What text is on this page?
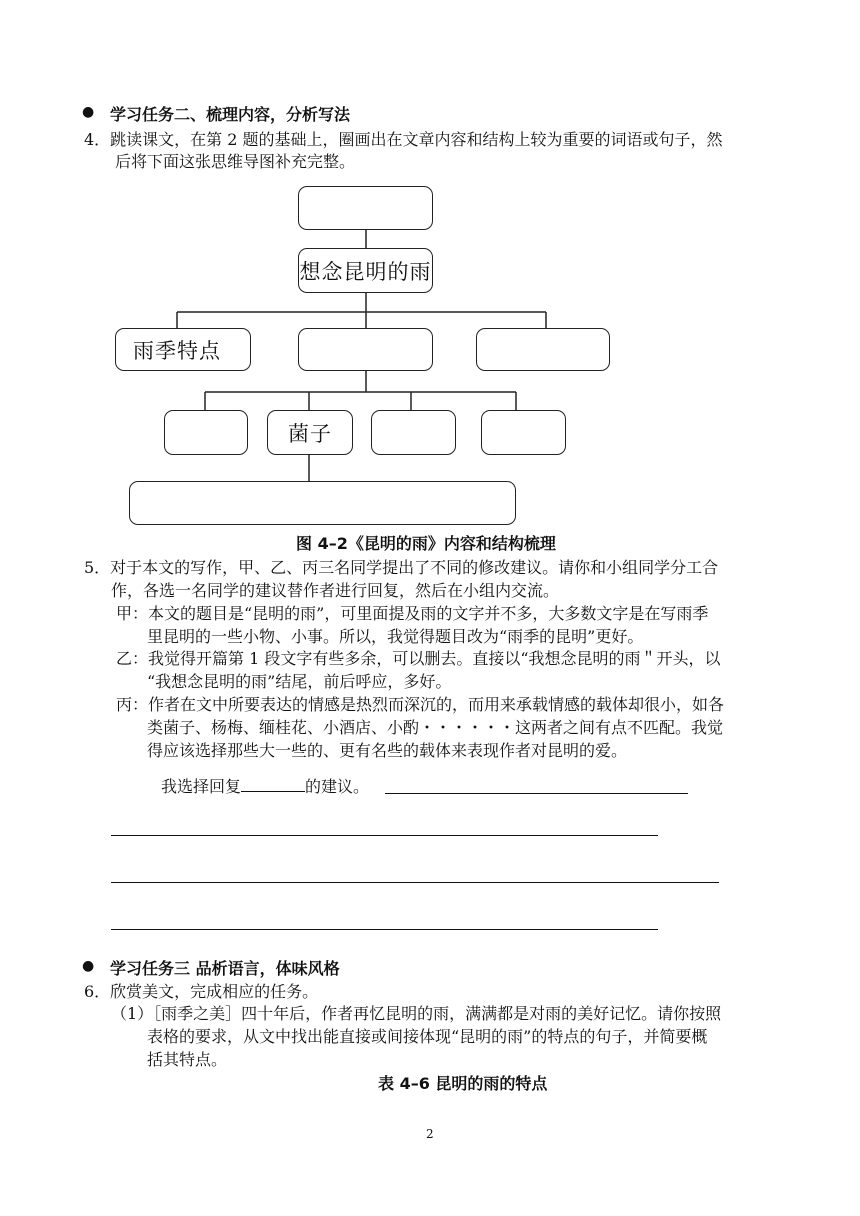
● 学习任务二、梳理内容，分析写法
4．跳读课文，在第 2 题的基础上，圈画出在文章内容和结构上较为重要的词语或句子，然
后将下面这张思维导图补充完整。
想念昆明的雨
雨季特点
菌子
图 4–2《昆明的雨》内容和结构梳理
5．对于本文的写作，甲、乙、丙三名同学提出了不同的修改建议。请你和小组同学分工合
作，各选一名同学的建议替作者进行回复，然后在小组内交流。
甲：本文的题目是“昆明的雨”，可里面提及雨的文字并不多，大多数文字是在写雨季
里昆明的一些小物、小事。所以，我觉得题目改为“雨季的昆明”更好。
乙：我觉得开篇第 1 段文字有些多余，可以删去。直接以“我想念昆明的雨＂开头，以
“我想念昆明的雨”结尾，前后呼应，多好。
丙：作者在文中所要表达的情感是热烈而深沉的，而用来承载情感的载体却很小，如各
类菌子、杨梅、缅桂花、小酒店、小酌・・・・・・这两者之间有点不匹配。我觉
得应该选择那些大一些的、更有名些的载体来表现作者对昆明的爱。
我选择回复	的建议。
● 学习任务三 品析语言，体味风格
6．欣赏美文，完成相应的任务。
（1）［雨季之美］四十年后，作者再忆昆明的雨，满满都是对雨的美好记忆。请你按照
表格的要求，从文中找出能直接或间接体现“昆明的雨”的特点的句子，并简要概
括其特点。
表 4–6 昆明的雨的特点
2
